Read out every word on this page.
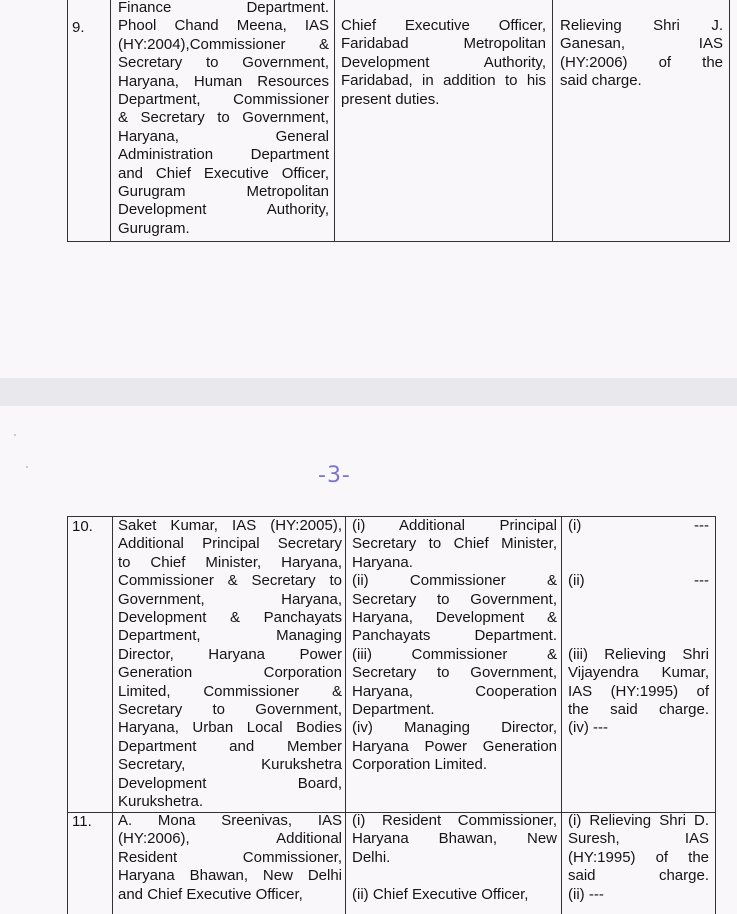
9.

Finance Department.

Phool Chand Meena, IAS

(HY:2004),Commissioner &

Secretary to Government,

Haryana, Human Resources

Department, Commissioner

& Secretary to Government,

Haryana, General

Administration Department

and Chief Executive Officer,

Gurugram Metropolitan

Development Authority,

Gurugram.

Chief Executive Officer,

Faridabad Metropolitan

Development Authority,

Faridabad, in addition to his

present duties.

Relieving Shri J.

Ganesan, IAS

(HY:2006) of the

said charge.

-3-
10.	Saket Kumar, IAS (HY:2005),

Additional Principal Secretary

to Chief Minister, Haryana,

Commissioner & Secretary to

Government, Haryana,

Development & Panchayats

Department, Managing

Director, Haryana Power

Generation Corporation

Limited, Commissioner &

Secretary to Government,

Haryana, Urban Local Bodies

Department and Member

Secretary, Kurukshetra

Development Board,

Kurukshetra.

(i) Additional Principal

Secretary to Chief Minister,

Haryana.

(ii) Commissioner &

Secretary to Government,

Haryana, Development &

Panchayats Department.

(iii) Commissioner &

Secretary to Government,

Haryana, Cooperation

Department.

(iv) Managing Director,

Haryana Power Generation

Corporation Limited.

(i) ---

(ii) ---

(iii) Relieving Shri

Vijayendra Kumar,

IAS (HY:1995) of

the said charge.

(iv) ---

11.	A. Mona Sreenivas, IAS

(HY:2006), Additional

Resident Commissioner,

Haryana Bhawan, New Delhi

and Chief Executive Officer,

(i) Resident Commissioner,

Haryana Bhawan, New

Delhi.

(ii) Chief Executive Officer,

(i) Relieving Shri D.

Suresh, IAS

(HY:1995) of the

said charge.

(ii) ---
